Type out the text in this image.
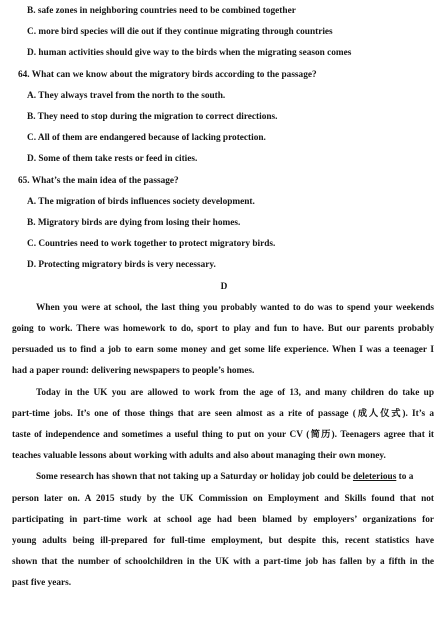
B. safe zones in neighboring countries need to be combined together
C. more bird species will die out if they continue migrating through countries
D. human activities should give way to the birds when the migrating season comes
64. What can we know about the migratory birds according to the passage?
A. They always travel from the north to the south.
B. They need to stop during the migration to correct directions.
C. All of them are endangered because of lacking protection.
D. Some of them take rests or feed in cities.
65. What’s the main idea of the passage?
A. The migration of birds influences society development.
B. Migratory birds are dying from losing their homes.
C. Countries need to work together to protect migratory birds.
D. Protecting migratory birds is very necessary.
D
When you were at school, the last thing you probably wanted to do was to spend your weekends
going to work. There was homework to do, sport to play and fun to have. But our parents probably
persuaded us to find a job to earn some money and get some life experience. When I was a teenager I
had a paper round: delivering newspapers to people’s homes.
Today in the UK you are allowed to work from the age of 13, and many children do take up
part-time jobs. It’s one of those things that are seen almost as a rite of passage (成人仪式). It’s a
taste of independence and sometimes a useful thing to put on your CV (简历). Teenagers agree that it
teaches valuable lessons about working with adults and also about managing their own money.
Some research has shown that not taking up a Saturday or holiday job could be deleterious to a
person later on. A 2015 study by the UK Commission on Employment and Skills found that not
participating in part-time work at school age had been blamed by employers’ organizations for
young adults being ill-prepared for full-time employment, but despite this, recent statistics have
shown that the number of schoolchildren in the UK with a part-time job has fallen by a fifth in the
past five years.
